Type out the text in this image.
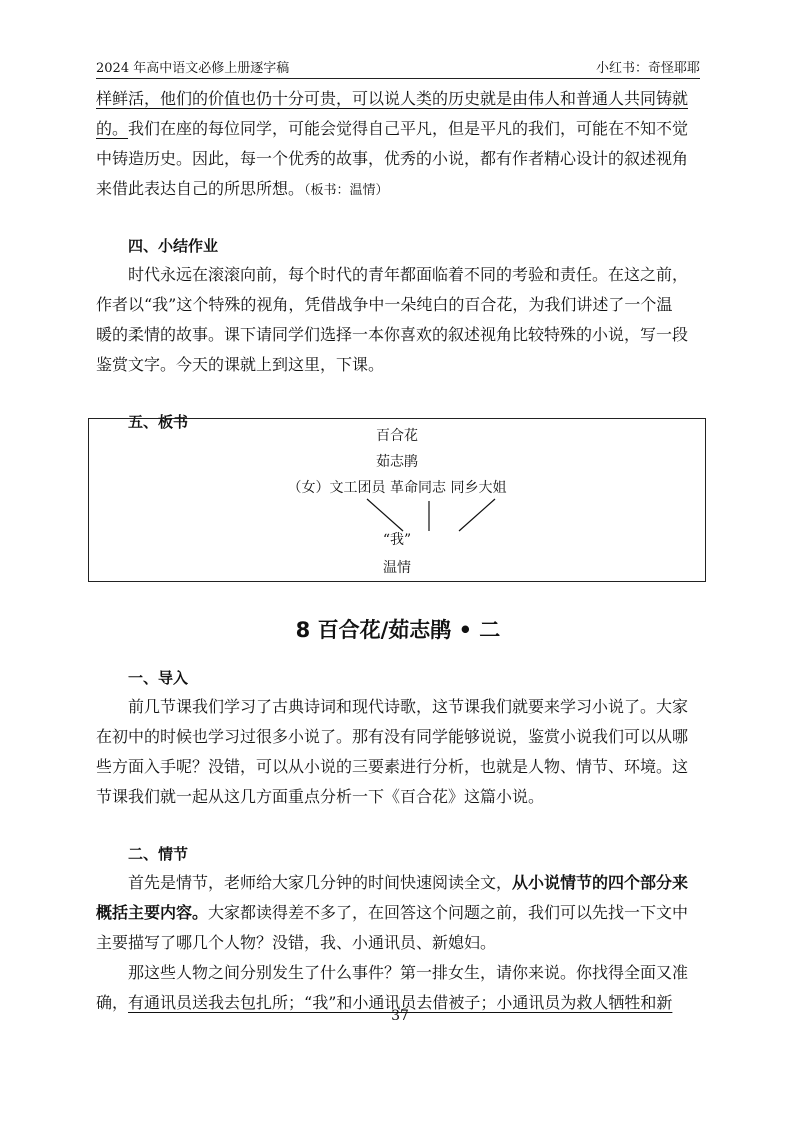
2024 年高中语文必修上册逐字稿	小红书：奇怪耶耶

样鲜活，他们的价值也仍十分可贵，可以说人类的历史就是由伟人和普通人共同铸就

的。我们在座的每位同学，可能会觉得自己平凡，但是平凡的我们，可能在不知不觉

中铸造历史。因此，每一个优秀的故事，优秀的小说，都有作者精心设计的叙述视角

来借此表达自己的所思所想。（板书：温情）

四、小结作业

时代永远在滚滚向前，每个时代的青年都面临着不同的考验和责任。在这之前，

作者以“我”这个特殊的视角，凭借战争中一朵纯白的百合花，为我们讲述了一个温

暖的柔情的故事。课下请同学们选择一本你喜欢的叙述视角比较特殊的小说，写一段

鉴赏文字。今天的课就上到这里，下课。

五、板书

百合花
茹志鹃
（女）文工团员 革命同志 同乡大姐
“我”
温情
8 百合花/茹志鹃 • 二

一、导入

前几节课我们学习了古典诗词和现代诗歌，这节课我们就要来学习小说了。大家

在初中的时候也学习过很多小说了。那有没有同学能够说说，鉴赏小说我们可以从哪

些方面入手呢？没错，可以从小说的三要素进行分析，也就是人物、情节、环境。这

节课我们就一起从这几方面重点分析一下《百合花》这篇小说。

二、情节

首先是情节，老师给大家几分钟的时间快速阅读全文，从小说情节的四个部分来

概括主要内容。大家都读得差不多了，在回答这个问题之前，我们可以先找一下文中

主要描写了哪几个人物？没错，我、小通讯员、新媳妇。

那这些人物之间分别发生了什么事件？第一排女生，请你来说。你找得全面又准

确，有通讯员送我去包扎所；“我”和小通讯员去借被子；小通讯员为救人牺牲和新

37
